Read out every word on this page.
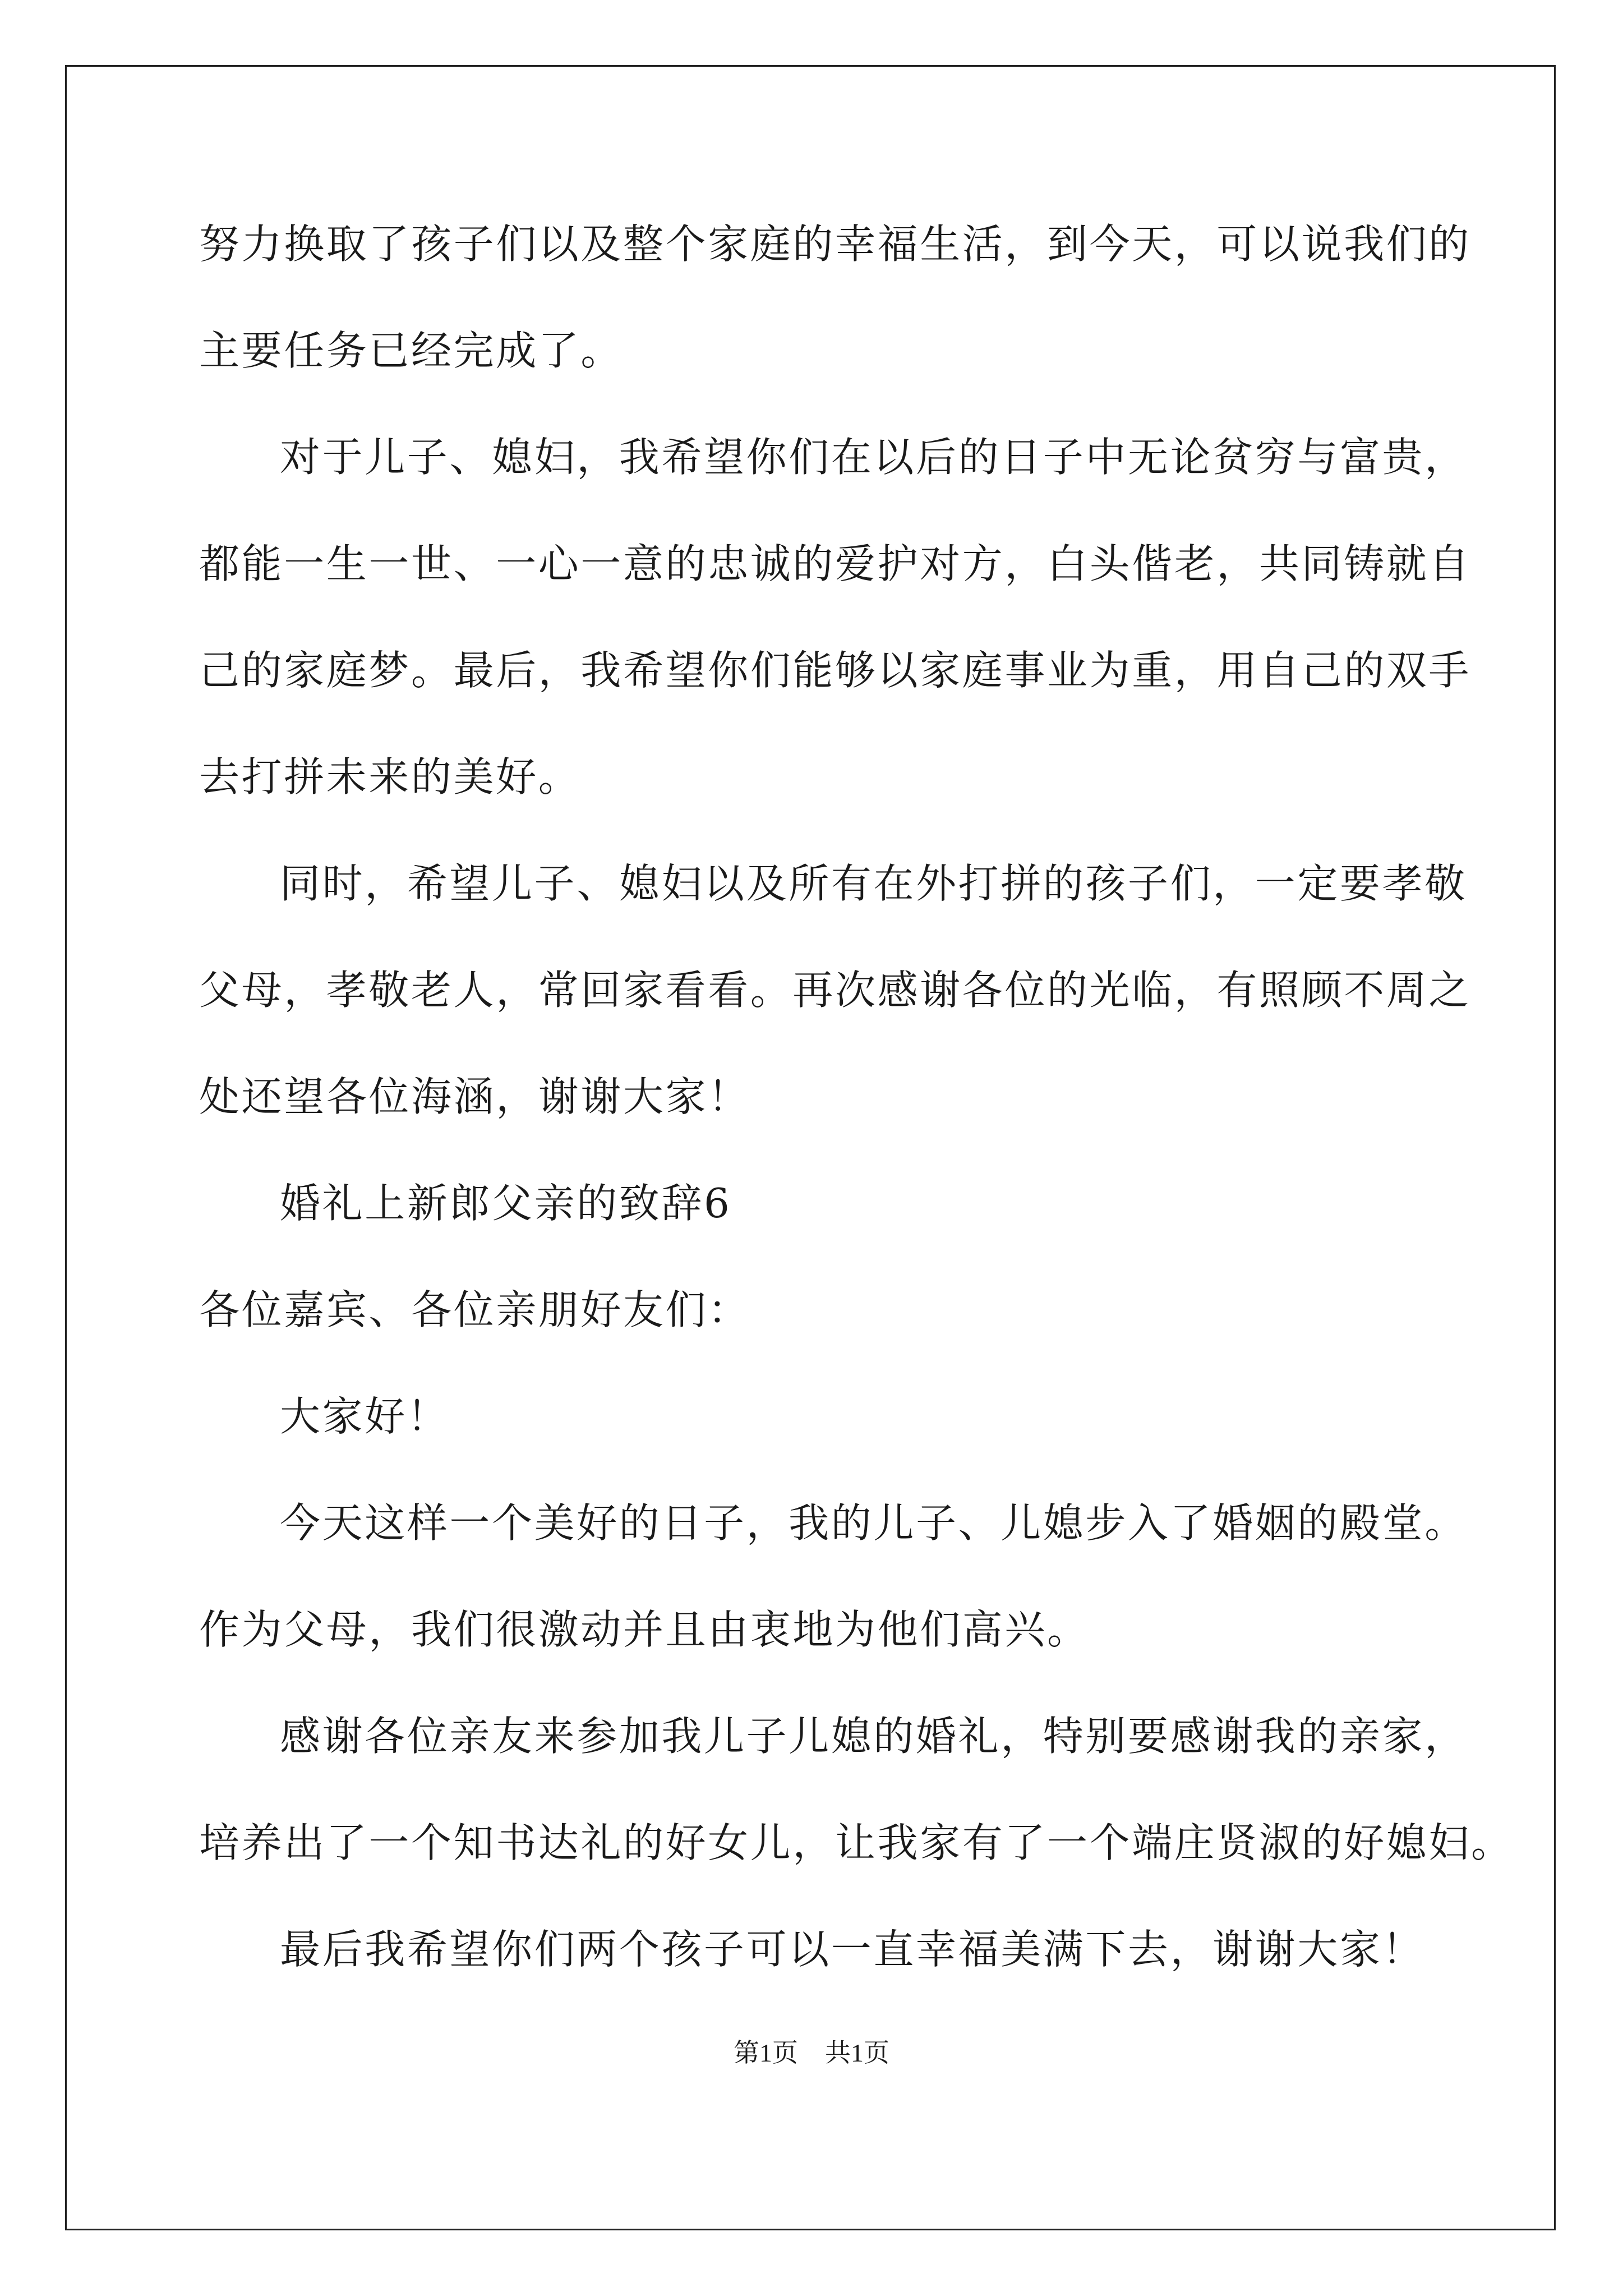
努力换取了孩子们以及整个家庭的幸福生活，到今天，可以说我们的
主要任务已经完成了。
对于儿子、媳妇，我希望你们在以后的日子中无论贫穷与富贵，
都能一生一世、一心一意的忠诚的爱护对方，白头偕老，共同铸就自
己的家庭梦。最后，我希望你们能够以家庭事业为重，用自己的双手
去打拼未来的美好。
同时，希望儿子、媳妇以及所有在外打拼的孩子们，一定要孝敬
父母，孝敬老人，常回家看看。再次感谢各位的光临，有照顾不周之
处还望各位海涵，谢谢大家！
婚礼上新郎父亲的致辞6
各位嘉宾、各位亲朋好友们：
大家好！
今天这样一个美好的日子，我的儿子、儿媳步入了婚姻的殿堂。
作为父母，我们很激动并且由衷地为他们高兴。
感谢各位亲友来参加我儿子儿媳的婚礼，特别要感谢我的亲家，
培养出了一个知书达礼的好女儿，让我家有了一个端庄贤淑的好媳妇。
最后我希望你们两个孩子可以一直幸福美满下去，谢谢大家！
第1页 共1页
